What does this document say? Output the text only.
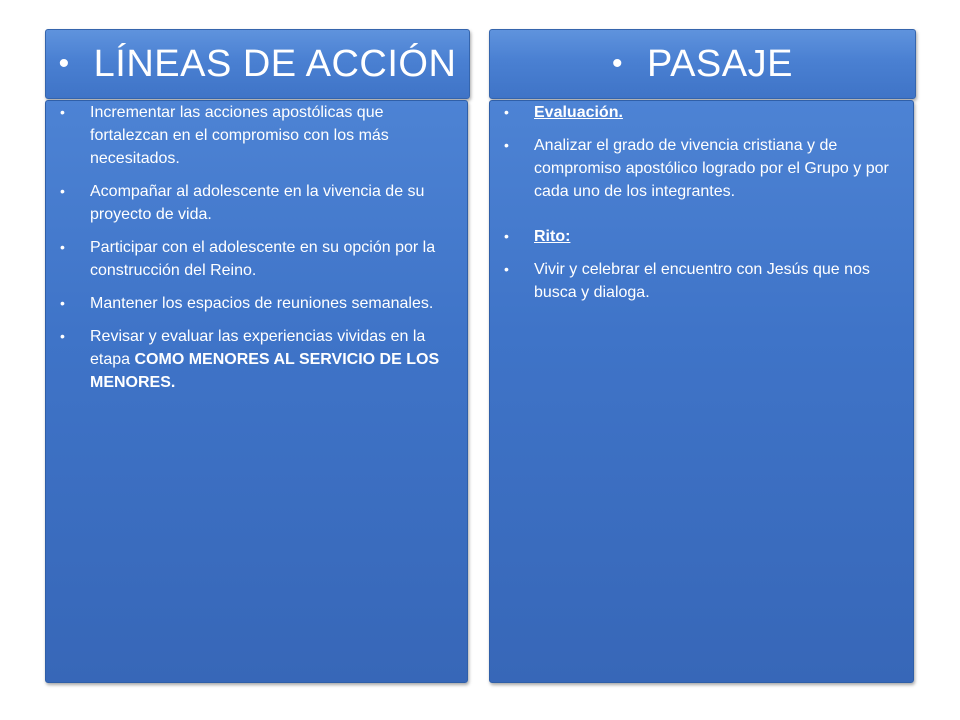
• LÍNEAS DE ACCIÓN	• PASAJE
• Incrementar las acciones apostólicas que fortalezcan en el compromiso con los más necesitados.
• Acompañar al adolescente en la vivencia de su proyecto de vida.
• Participar con el adolescente en su opción por la construcción del Reino.
• Mantener los espacios de reuniones semanales.
• Revisar y evaluar las experiencias vividas en la etapa COMO MENORES AL SERVICIO DE LOS MENORES.
• Evaluación.
• Analizar el grado de vivencia cristiana y de compromiso apostólico logrado por el Grupo y por cada uno de los integrantes.
• Rito:
• Vivir y celebrar el encuentro con Jesús que nos busca y dialoga.
